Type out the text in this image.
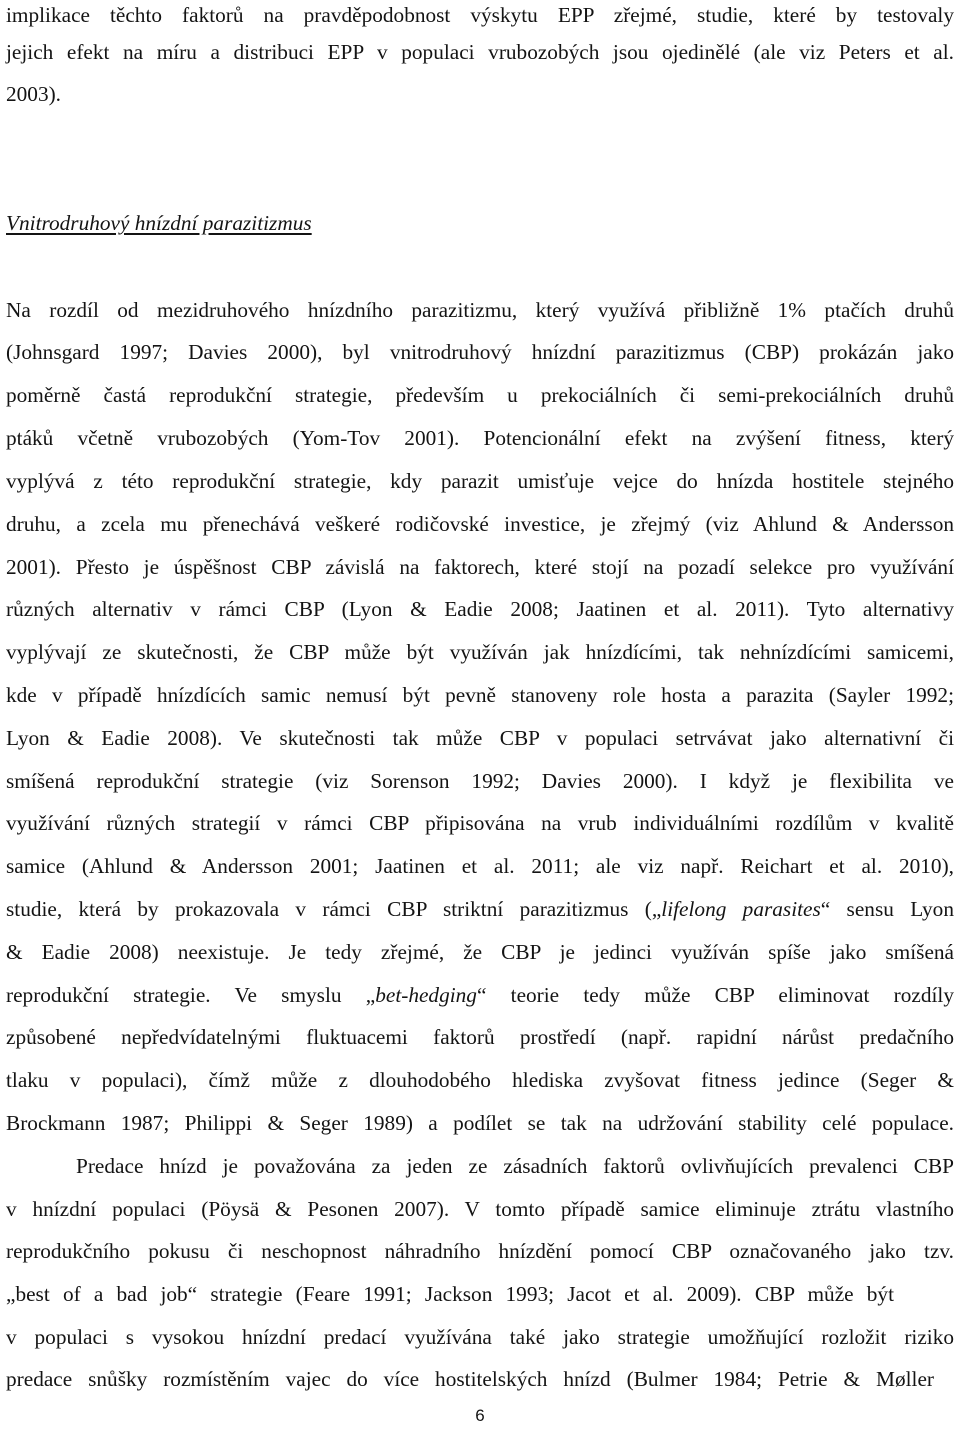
implikace těchto faktorů na pravděpodobnost výskytu EPP zřejmé, studie, které by testovaly
jejich efekt na míru a distribuci EPP v populaci vrubozobých jsou ojedinělé (ale viz Peters et al.
2003).
Vnitrodruhový hnízdní parazitizmus
Na rozdíl od mezidruhového hnízdního parazitizmu, který využívá přibližně 1% ptačích druhů
(Johnsgard 1997; Davies 2000), byl vnitrodruhový hnízdní parazitizmus (CBP) prokázán jako
poměrně častá reprodukční strategie, především u prekociálních či semi-prekociálních druhů
ptáků včetně vrubozobých (Yom-Tov 2001). Potencionální efekt na zvýšení fitness, který
vyplývá z této reprodukční strategie, kdy parazit umisťuje vejce do hnízda hostitele stejného
druhu, a zcela mu přenechává veškeré rodičovské investice, je zřejmý (viz Ahlund & Andersson
2001). Přesto je úspěšnost CBP závislá na faktorech, které stojí na pozadí selekce pro využívání
různých alternativ v rámci CBP (Lyon & Eadie 2008; Jaatinen et al. 2011). Tyto alternativy
vyplývají ze skutečnosti, že CBP může být využíván jak hnízdícími, tak nehnízdícími samicemi,
kde v případě hnízdících samic nemusí být pevně stanoveny role hosta a parazita (Sayler 1992;
Lyon & Eadie 2008). Ve skutečnosti tak může CBP v populaci setrvávat jako alternativní či
smíšená reprodukční strategie (viz Sorenson 1992; Davies 2000). I když je flexibilita ve
využívání různých strategií v rámci CBP připisována na vrub individuálními rozdílům v kvalitě
samice (Ahlund & Andersson 2001; Jaatinen et al. 2011; ale viz např. Reichart et al. 2010),
studie, která by prokazovala v rámci CBP striktní parazitizmus („lifelong parasites“ sensu Lyon
& Eadie 2008) neexistuje. Je tedy zřejmé, že CBP je jedinci využíván spíše jako smíšená
reprodukční strategie. Ve smyslu „bet-hedging“ teorie tedy může CBP eliminovat rozdíly
způsobené nepředvídatelnými fluktuacemi faktorů prostředí (např. rapidní nárůst predačního
tlaku v populaci), čímž může z dlouhodobého hlediska zvyšovat fitness jedince (Seger &
Brockmann 1987; Philippi & Seger 1989) a podílet se tak na udržování stability celé populace.
Predace hnízd je považována za jeden ze zásadních faktorů ovlivňujících prevalenci CBP
v hnízdní populaci (Pöysä & Pesonen 2007). V tomto případě samice eliminuje ztrátu vlastního
reprodukčního pokusu či neschopnost náhradního hnízdění pomocí CBP označovaného jako tzv.
„best of a bad job“ strategie (Feare 1991; Jackson 1993; Jacot et al. 2009). CBP může být
v populaci s vysokou hnízdní predací využívána také jako strategie umožňující rozložit riziko
predace snůšky rozmístěním vajec do více hostitelských hnízd (Bulmer 1984; Petrie & Møller
6
